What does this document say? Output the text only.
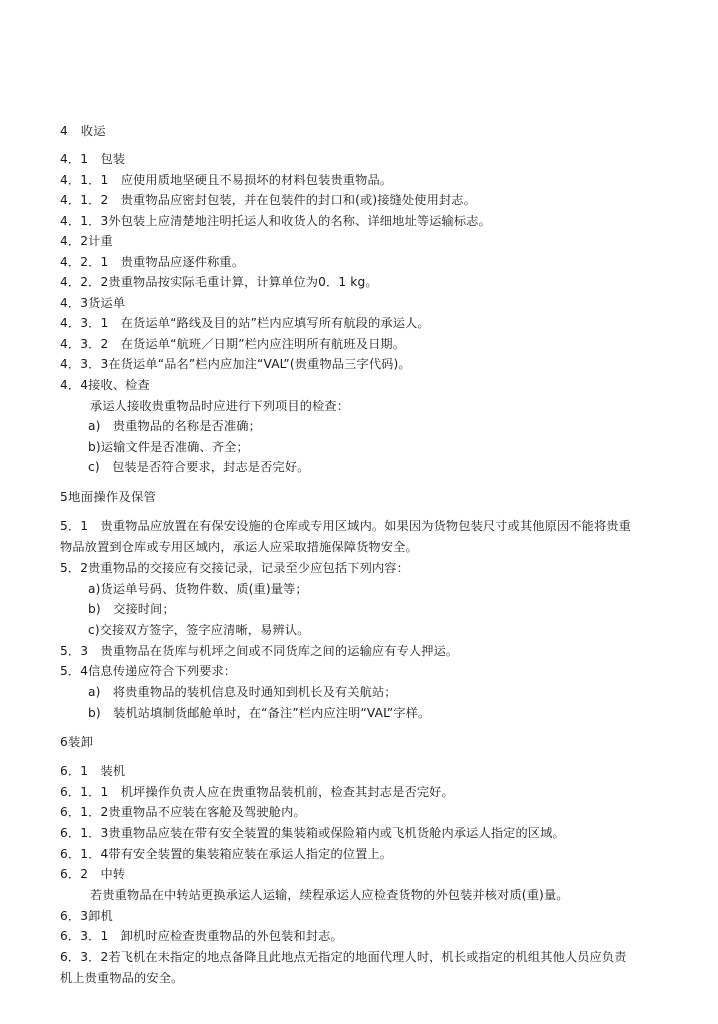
4　收运
4．1　包装
4．1．1　应使用质地坚硬且不易损坏的材料包装贵重物品。
4．1．2　贵重物品应密封包装，并在包装件的封口和(或)接缝处使用封志。
4．1．3外包装上应清楚地注明托运人和收货人的名称、详细地址等运输标志。
4．2计重
4．2．1　贵重物品应逐件称重。
4．2．2贵重物品按实际毛重计算，计算单位为0．1 kg。
4．3货运单
4．3．1　在货运单“路线及目的站”栏内应填写所有航段的承运人。
4．3．2　在货运单“航班／日期”栏内应注明所有航班及日期。
4．3．3在货运单“品名”栏内应加注“VAL”(贵重物品三字代码)。
4．4接收、检查
承运人接收贵重物品时应进行下列项目的检查：
a)　贵重物品的名称是否准确；
b)运输文件是否准确、齐全；
c)　包装是否符合要求，封志是否完好。
5地面操作及保管
5．1　贵重物品应放置在有保安设施的仓库或专用区域内。如果因为货物包装尺寸或其他原因不能将贵重
物品放置到仓库或专用区域内，承运人应采取措施保障货物安全。
5．2贵重物品的交接应有交接记录，记录至少应包括下列内容：
a)货运单号码、货物件数、质(重)量等；
b)　交接时间；
c)交接双方签字，签字应清晰，易辨认。
5．3　贵重物品在货库与机坪之间或不同货库之间的运输应有专人押运。
5．4信息传递应符合下列要求：
a)　将贵重物品的装机信息及时通知到机长及有关航站；
b)　装机站填制货邮舱单时，在“备注”栏内应注明“VAL”字样。
6装卸
6．1　装机
6．1．1　机坪操作负责人应在贵重物品装机前，检查其封志是否完好。
6．1．2贵重物品不应装在客舱及驾驶舱内。
6．1．3贵重物品应装在带有安全装置的集装箱或保险箱内或飞机货舱内承运人指定的区域。
6．1．4带有安全装置的集装箱应装在承运人指定的位置上。
6．2　中转
若贵重物品在中转站更换承运人运输，续程承运人应检查货物的外包装并核对质(重)量。
6．3卸机
6．3．1　卸机时应检查贵重物品的外包装和封志。
6．3．2若飞机在未指定的地点备降且此地点无指定的地面代理人时，机长或指定的机组其他人员应负责
机上贵重物品的安全。
